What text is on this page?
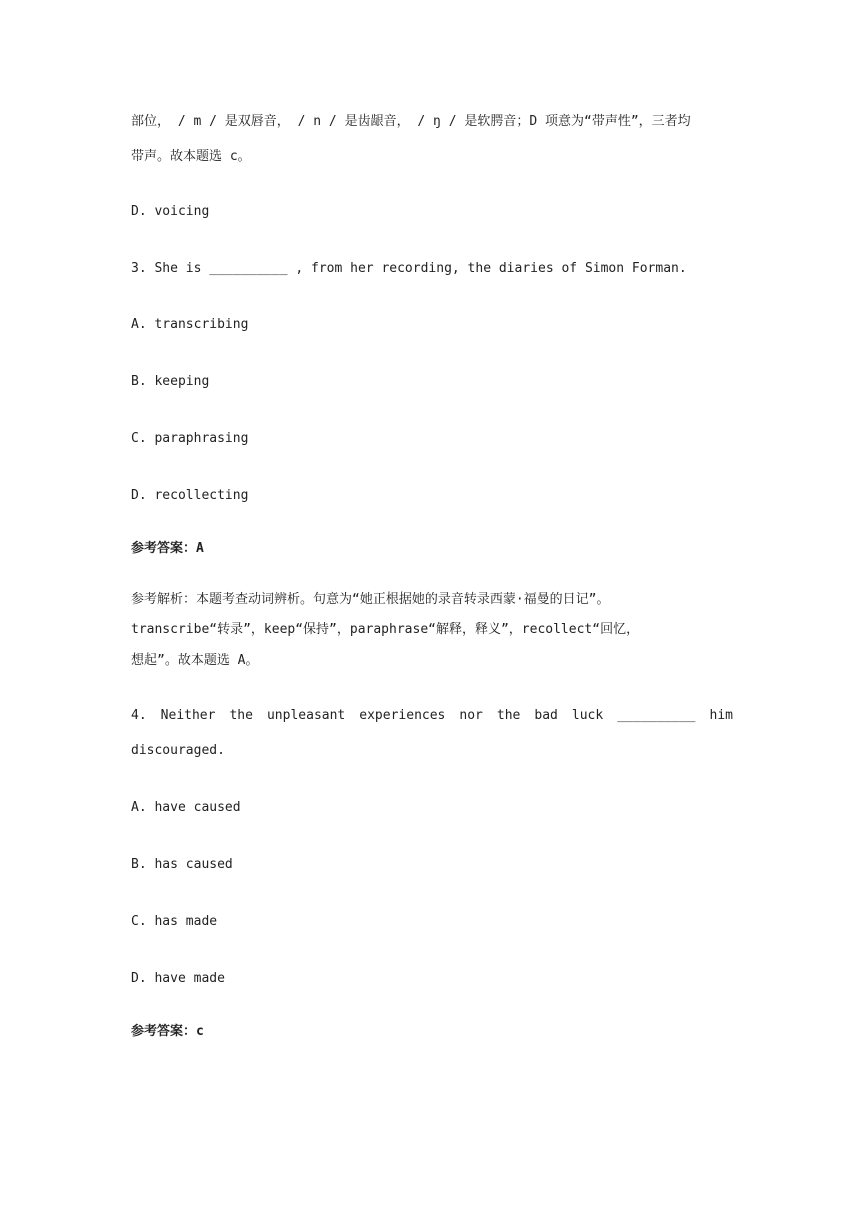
部位， / m / 是双唇音， / n / 是齿龈音， / ŋ / 是软腭音；D 项意为“带声性”，三者均
带声。故本题选 c。
D. voicing
3. She is __________ , from her recording, the diaries of Simon Forman.
A. transcribing
B. keeping
C. paraphrasing
D. recollecting
参考答案：A
参考解析：本题考查动词辨析。句意为“她正根据她的录音转录西蒙·福曼的日记”。
transcribe“转录”，keep“保持”，paraphrase“解释，释义”，recollect“回忆，
想起”。故本题选 A。
4. Neither the unpleasant experiences nor the bad luck __________ him
discouraged.
A. have caused
B. has caused
C. has made
D. have made
参考答案：c
